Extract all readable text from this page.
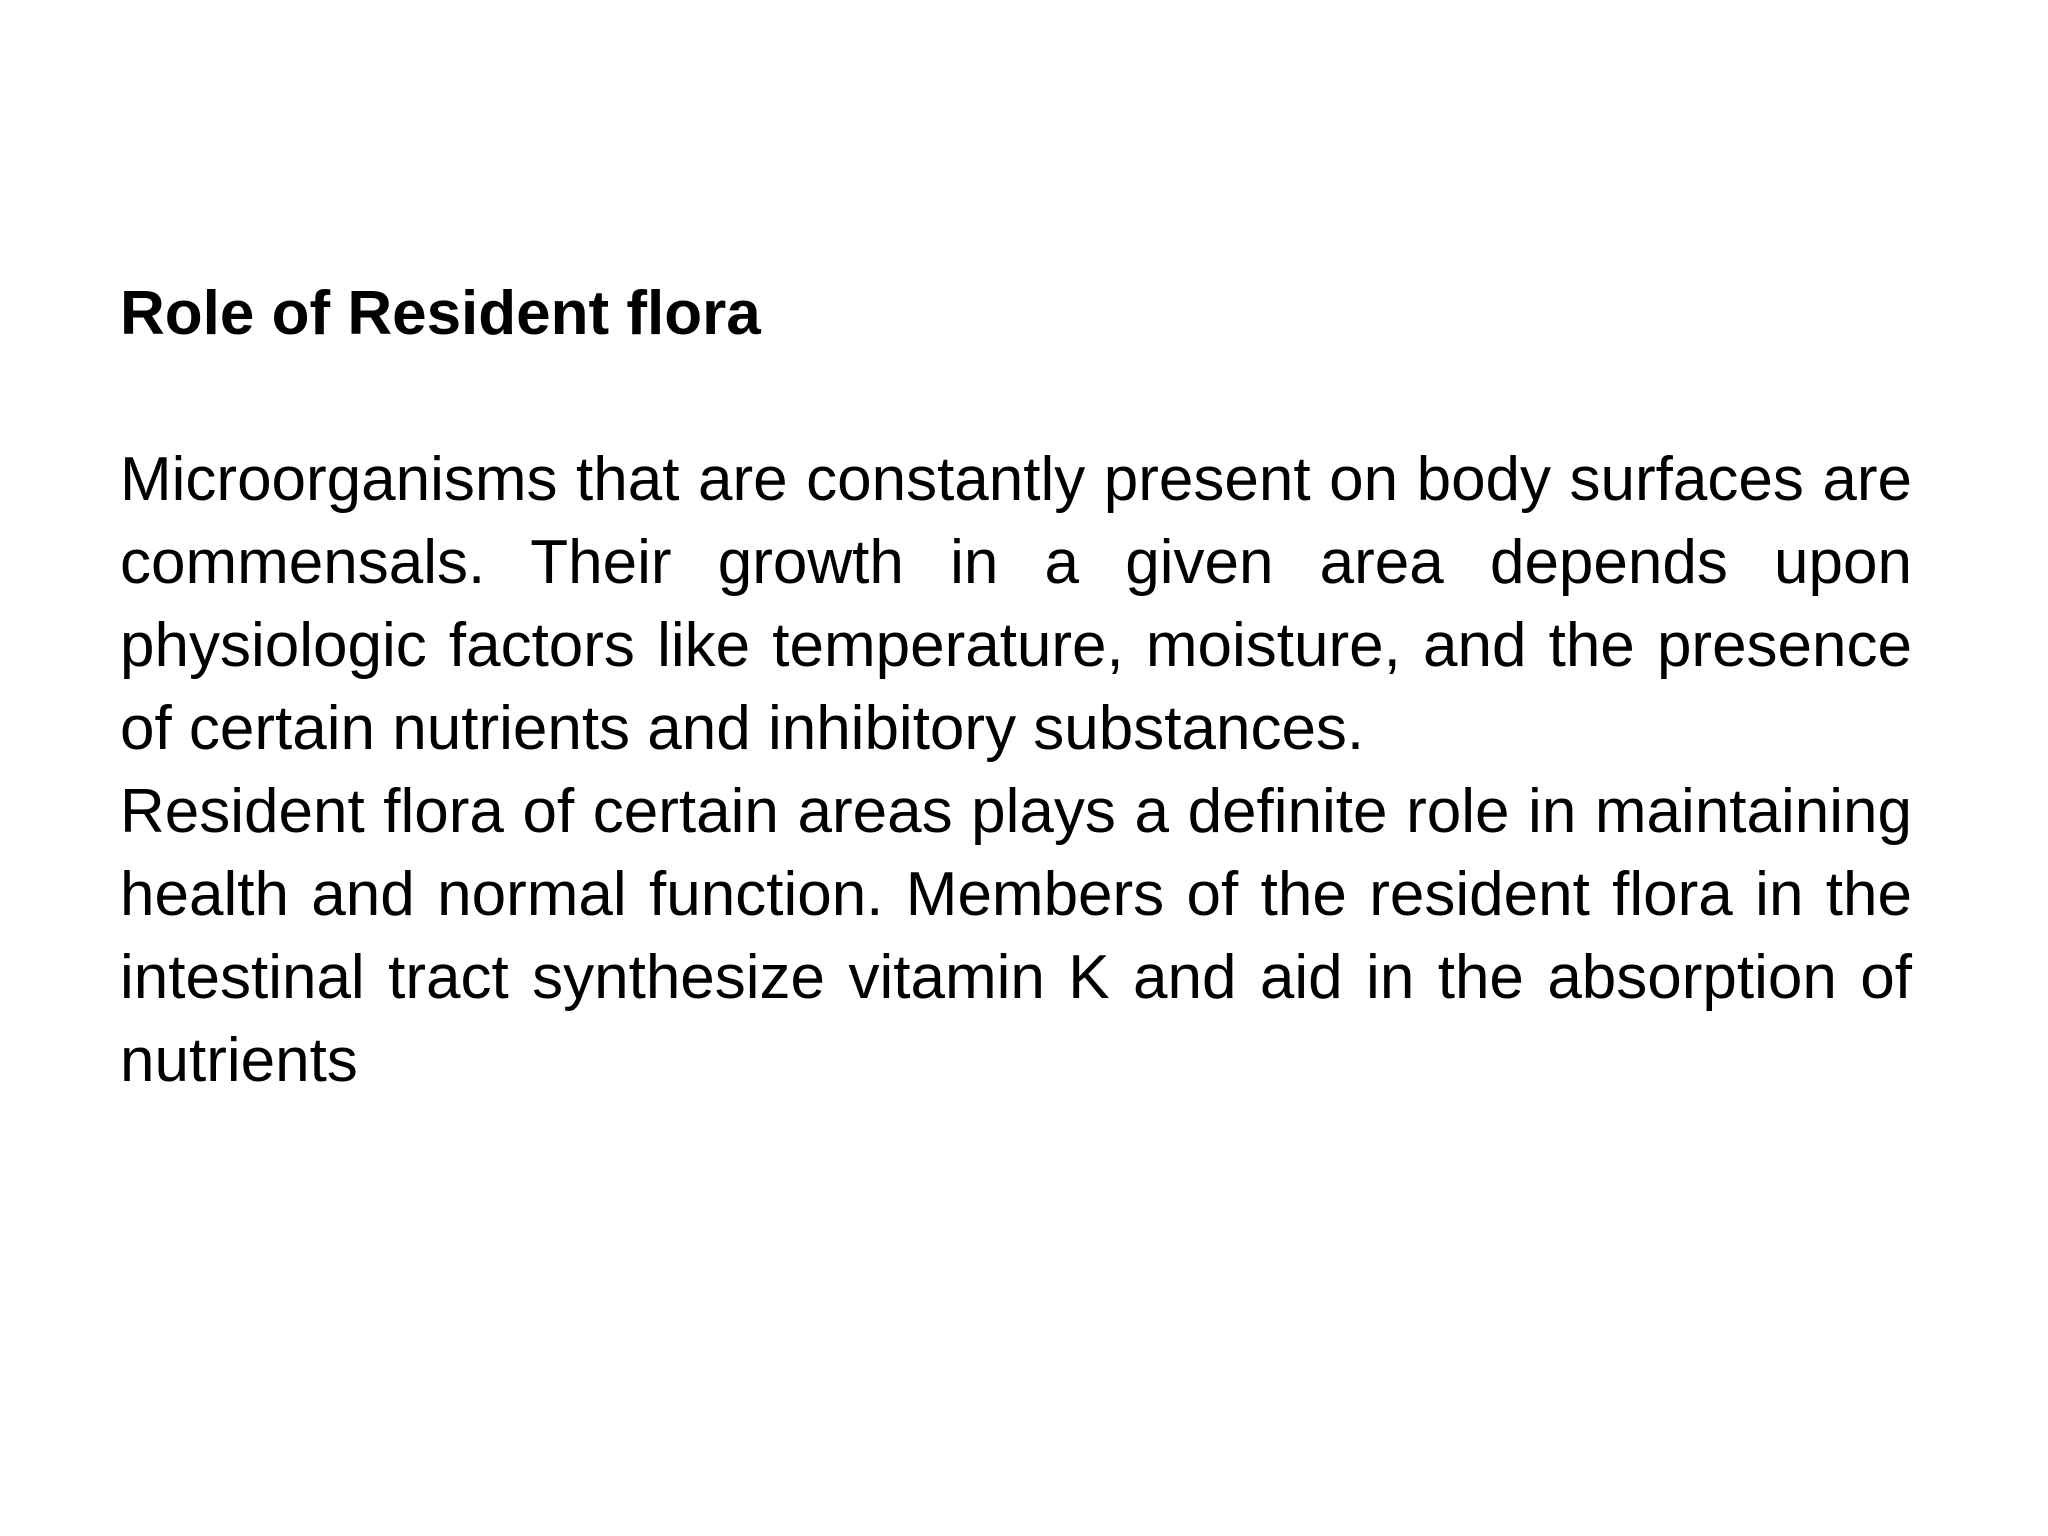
Role of Resident flora

Microorganisms that are constantly present on body surfaces are commensals. Their growth in a given area depends upon physiologic factors like temperature, moisture, and the presence of certain nutrients and inhibitory substances.

Resident flora of certain areas plays a definite role in maintaining health and normal function. Members of the resident flora in the intestinal tract synthesize vitamin K and aid in the absorption of nutrients
